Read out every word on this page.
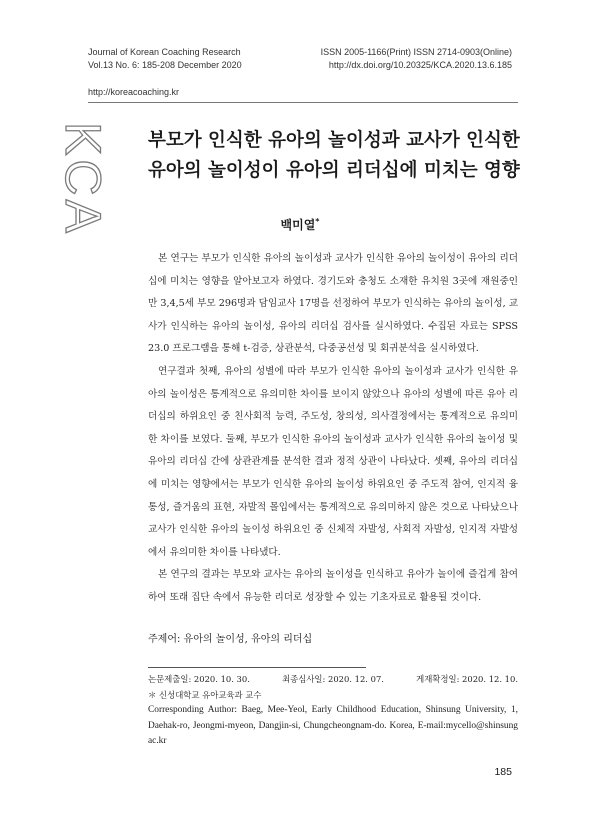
Journal of Korean Coaching Research
Vol.13 No. 6: 185-208 December 2020
ISSN 2005-1166(Print) ISSN 2714-0903(Online)
http://dx.doi.org/10.20325/KCA.2020.13.6.185
http://koreacoaching.kr
KCA 부모가 인식한 유아의 놀이성과 교사가 인식한
유아의 놀이성이 유아의 리더십에 미치는 영향
백미열*

본 연구는 부모가 인식한 유아의 놀이성과 교사가 인식한 유아의 놀이성이 유아의 리더십에 미치는 영향을 알아보고자 하였다. 경기도와 충청도 소재한 유치원 3곳에 재원중인 만 3,4,5세 부모 296명과 담임교사 17명을 선정하여 부모가 인식하는 유아의 놀이성, 교사가 인식하는 유아의 놀이성, 유아의 리더십 검사를 실시하였다. 수집된 자료는 SPSS 23.0 프로그램을 통해 t-검증, 상관분석, 다중공선성 및 회귀분석을 실시하였다.

연구결과 첫째, 유아의 성별에 따라 부모가 인식한 유아의 놀이성과 교사가 인식한 유아의 놀이성은 통계적으로 유의미한 차이를 보이지 않았으나 유아의 성별에 따른 유아 리더십의 하위요인 중 친사회적 능력, 주도성, 창의성, 의사결정에서는 통계적으로 유의미한 차이를 보였다. 둘째, 부모가 인식한 유아의 놀이성과 교사가 인식한 유아의 놀이성 및 유아의 리더십 간에 상관관계를 분석한 결과 정적 상관이 나타났다. 셋째, 유아의 리더십에 미치는 영향에서는 부모가 인식한 유아의 놀이성 하위요인 중 주도적 참여, 인지적 융통성, 즐거움의 표현, 자발적 몰입에서는 통계적으로 유의미하지 않은 것으로 나타났으나 교사가 인식한 유아의 놀이성 하위요인 중 신체적 자발성, 사회적 자발성, 인지적 자발성에서 유의미한 차이를 나타냈다.

본 연구의 결과는 부모와 교사는 유아의 놀이성을 인식하고 유아가 놀이에 즐겁게 참여하여 또래 집단 속에서 유능한 리더로 성장할 수 있는 기초자료로 활용될 것이다.

주제어: 유아의 놀이성, 유아의 리더십
논문제출일: 2020. 10. 30.	최종심사일: 2020. 12. 07.	게재확정일: 2020. 12. 10.
＊ 신성대학교 유아교육과 교수
Corresponding Author: Baeg, Mee-Yeol, Early Childhood Education, Shinsung University, 1, Daehak-ro, Jeongmi-myeon, Dangjin-si, Chungcheongnam-do. Korea, E-mail:mycello@shinsung ac.kr
185
